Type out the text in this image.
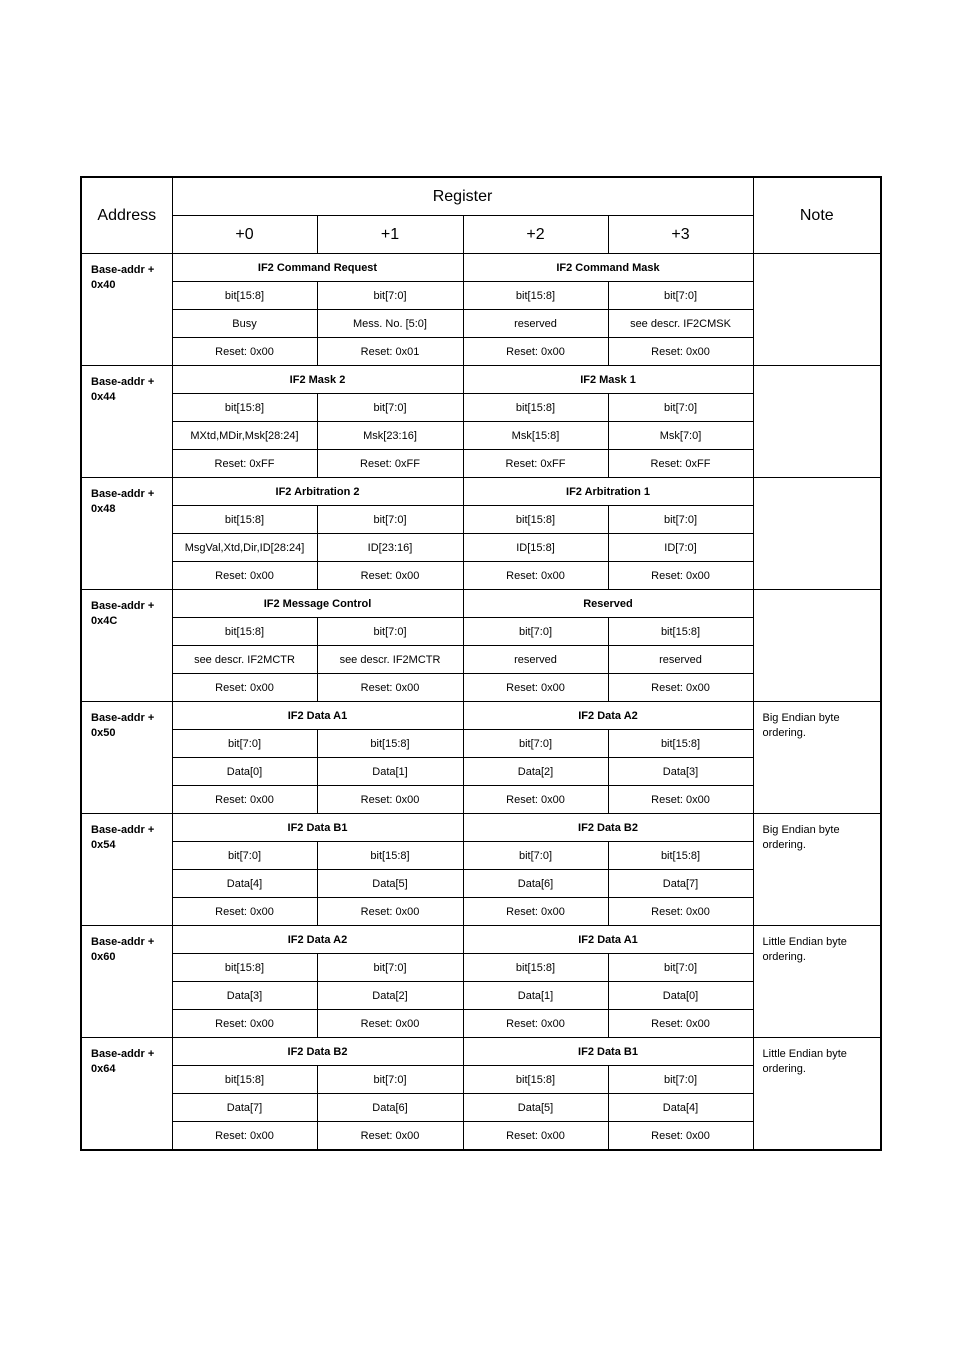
Address	Register				Note
	+0	+1	+2	+3	
Base-addr +
0x40	IF2 Command Request		IF2 Command Mask		
	bit[15:8]	bit[7:0]	bit[15:8]	bit[7:0]	
	Busy	Mess. No. [5:0]	reserved	see descr. IF2CMSK	
	Reset: 0x00	Reset: 0x01	Reset: 0x00	Reset: 0x00	
Base-addr +
0x44	IF2 Mask 2		IF2 Mask 1		
	bit[15:8]	bit[7:0]	bit[15:8]	bit[7:0]	
	MXtd,MDir,Msk[28:24]	Msk[23:16]	Msk[15:8]	Msk[7:0]	
	Reset: 0xFF	Reset: 0xFF	Reset: 0xFF	Reset: 0xFF	
Base-addr +
0x48	IF2 Arbitration 2		IF2 Arbitration 1		
	bit[15:8]	bit[7:0]	bit[15:8]	bit[7:0]	
	MsgVal,Xtd,Dir,ID[28:24]	ID[23:16]	ID[15:8]	ID[7:0]	
	Reset: 0x00	Reset: 0x00	Reset: 0x00	Reset: 0x00	
Base-addr +
0x4C	IF2 Message Control		Reserved		
	bit[15:8]	bit[7:0]	bit[7:0]	bit[15:8]	
	see descr. IF2MCTR	see descr. IF2MCTR	reserved	reserved	
	Reset: 0x00	Reset: 0x00	Reset: 0x00	Reset: 0x00	
Base-addr +
0x50	IF2 Data A1		IF2 Data A2		Big Endian byte ordering.
	bit[7:0]	bit[15:8]	bit[7:0]	bit[15:8]	
	Data[0]	Data[1]	Data[2]	Data[3]	
	Reset: 0x00	Reset: 0x00	Reset: 0x00	Reset: 0x00	
Base-addr +
0x54	IF2 Data B1		IF2 Data B2		Big Endian byte ordering.
	bit[7:0]	bit[15:8]	bit[7:0]	bit[15:8]	
	Data[4]	Data[5]	Data[6]	Data[7]	
	Reset: 0x00	Reset: 0x00	Reset: 0x00	Reset: 0x00	
Base-addr +
0x60	IF2 Data A2		IF2 Data A1		Little Endian byte ordering.
	bit[15:8]	bit[7:0]	bit[15:8]	bit[7:0]	
	Data[3]	Data[2]	Data[1]	Data[0]	
	Reset: 0x00	Reset: 0x00	Reset: 0x00	Reset: 0x00	
Base-addr +
0x64	IF2 Data B2		IF2 Data B1		Little Endian byte ordering.
	bit[15:8]	bit[7:0]	bit[15:8]	bit[7:0]	
	Data[7]	Data[6]	Data[5]	Data[4]	
	Reset: 0x00	Reset: 0x00	Reset: 0x00	Reset: 0x00	
